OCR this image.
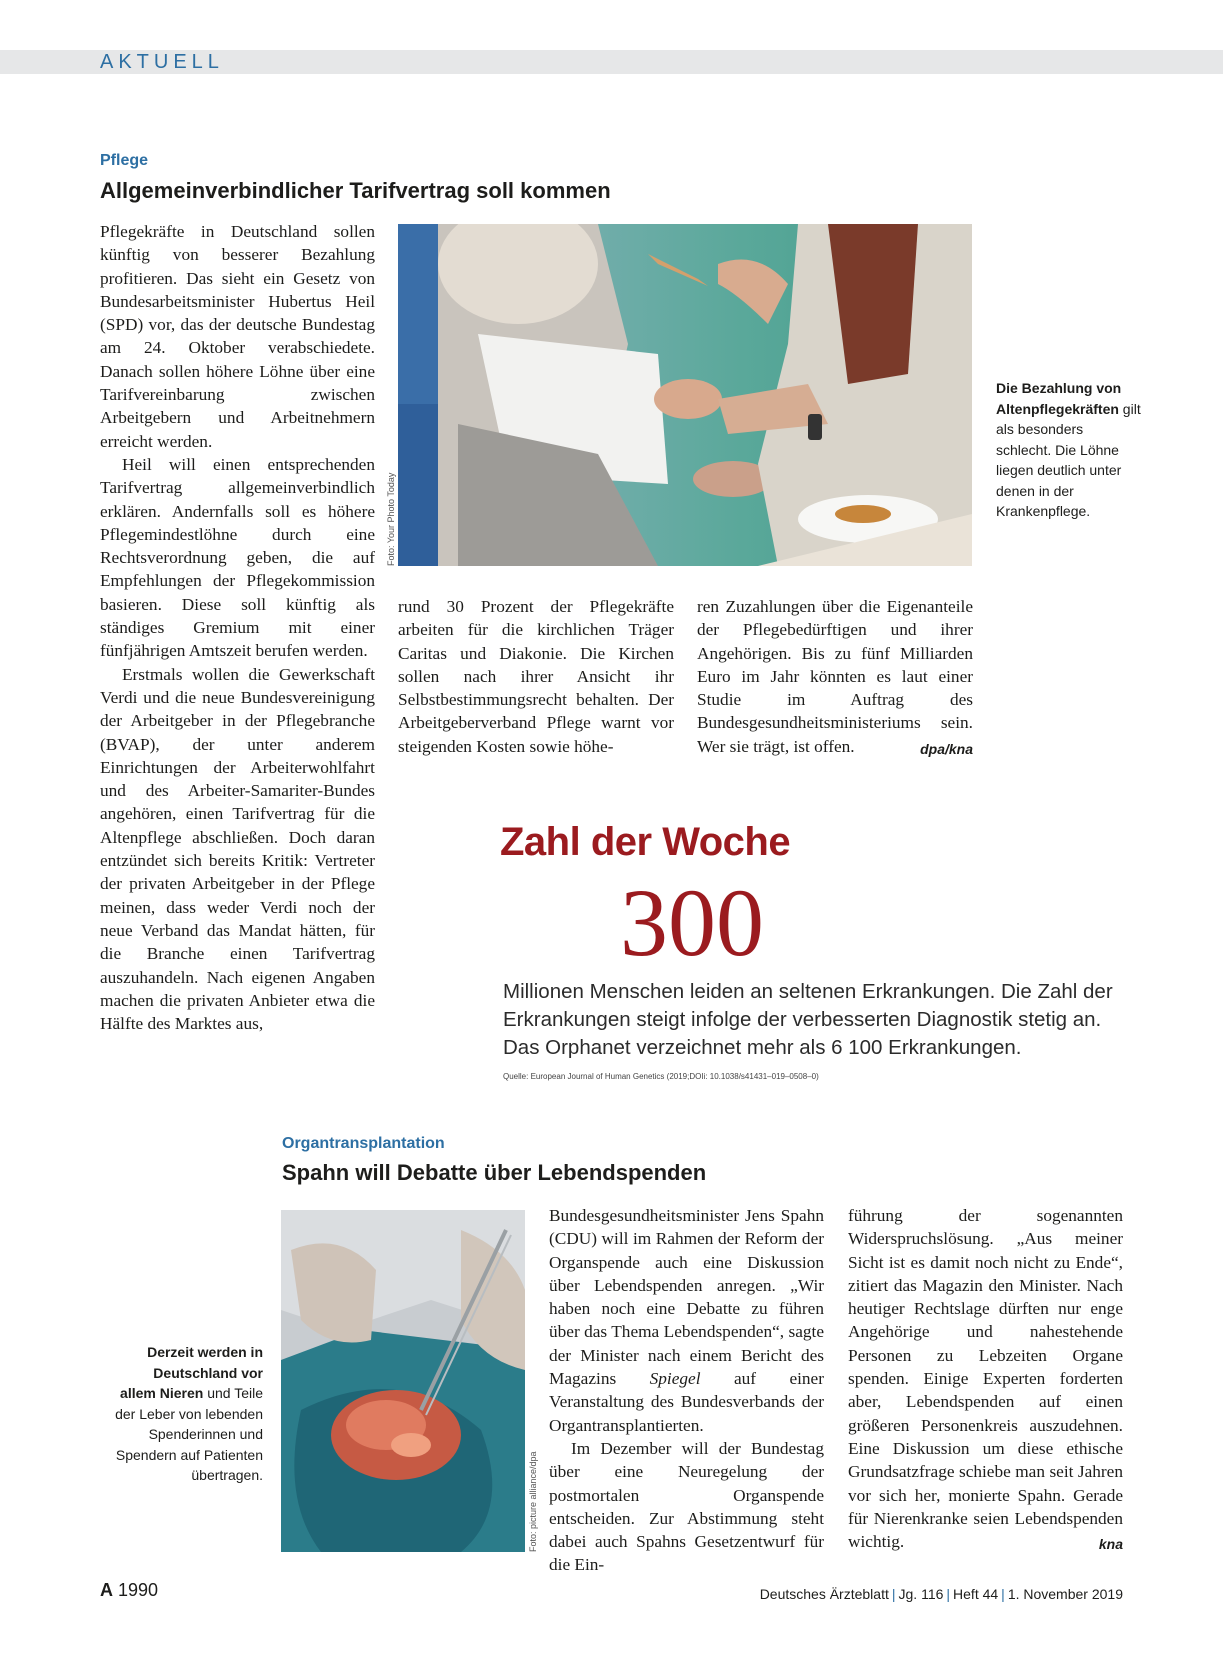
AKTUELL
Pflege
Allgemeinverbindlicher Tarifvertrag soll kommen

Pflegekräfte in Deutschland sollen künftig von besserer Bezahlung profitieren. Das sieht ein Gesetz von Bundesarbeitsminister Hubertus Heil (SPD) vor, das der deutsche Bundestag am 24. Oktober verabschiedete. Danach sollen höhere Löhne über eine Tarifvereinbarung zwischen Arbeitgebern und Arbeitnehmern erreicht werden.

Heil will einen entsprechenden Tarifvertrag allgemeinverbindlich erklären. Andernfalls soll es höhere Pflegemindestlöhne durch eine Rechtsverordnung geben, die auf Empfehlungen der Pflegekommission basieren. Diese soll künftig als ständiges Gremium mit einer fünfjährigen Amtszeit berufen werden.

Erstmals wollen die Gewerkschaft Verdi und die neue Bundesvereinigung der Arbeitgeber in der Pflegebranche (BVAP), der unter anderem Einrichtungen der Arbeiterwohlfahrt und des Arbeiter-Samariter-Bundes angehören, einen Tarifvertrag für die Altenpflege abschließen. Doch daran entzündet sich bereits Kritik: Vertreter der privaten Arbeitgeber in der Pflege meinen, dass weder Verdi noch der neue Verband das Mandat hätten, für die Branche einen Tarifvertrag auszuhandeln. Nach eigenen Angaben machen die privaten Anbieter etwa die Hälfte des Marktes aus,

Foto: Your Photo Today
Die Bezahlung von Altenpflegekräften gilt als besonders schlecht. Die Löhne liegen deutlich unter denen in der Krankenpflege.

rund 30 Prozent der Pflegekräfte arbeiten für die kirchlichen Träger Caritas und Diakonie. Die Kirchen sollen nach ihrer Ansicht ihr Selbstbestimmungsrecht behalten. Der Arbeitgeberverband Pflege warnt vor steigenden Kosten sowie höhe-

ren Zuzahlungen über die Eigenanteile der Pflegebedürftigen und ihrer Angehörigen. Bis zu fünf Milliarden Euro im Jahr könnten es laut einer Studie im Auftrag des Bundesgesundheitsministeriums sein. Wer sie trägt, ist offen.	dpa/kna

Zahl der Woche
300
Millionen Menschen leiden an seltenen Erkrankungen. Die Zahl der Erkrankungen steigt infolge der verbesserten Diagnostik stetig an. Das Orphanet verzeichnet mehr als 6 100 Erkrankungen.
Quelle: European Journal of Human Genetics (2019;DOIi: 10.1038/s41431–019–0508–0)
Organtransplantation
Spahn will Debatte über Lebendspenden
Derzeit werden in Deutschland vor allem Nieren und Teile der Leber von lebenden Spenderinnen und Spendern auf Patienten übertragen.	Foto: picture alliance/dpa

Bundesgesundheitsminister Jens Spahn (CDU) will im Rahmen der Reform der Organspende auch eine Diskussion über Lebendspenden anregen. „Wir haben noch eine Debatte zu führen über das Thema Lebendspenden“, sagte der Minister nach einem Bericht des Magazins Spiegel auf einer Veranstaltung des Bundesverbands der Organtransplantierten.

Im Dezember will der Bundestag über eine Neuregelung der postmortalen Organspende entscheiden. Zur Abstimmung steht dabei auch Spahns Gesetzentwurf für die Ein-

führung der sogenannten Widerspruchslösung. „Aus meiner Sicht ist es damit noch nicht zu Ende“, zitiert das Magazin den Minister. Nach heutiger Rechtslage dürften nur enge Angehörige und nahestehende Personen zu Lebzeiten Organe spenden. Einige Experten forderten aber, Lebendspenden auf einen größeren Personenkreis auszudehnen. Eine Diskussion um diese ethische Grundsatzfrage schiebe man seit Jahren vor sich her, monierte Spahn. Gerade für Nierenkranke seien Lebendspenden wichtig.	kna

A 1990	Deutsches Ärzteblatt | Jg. 116 | Heft 44 | 1. November 2019
